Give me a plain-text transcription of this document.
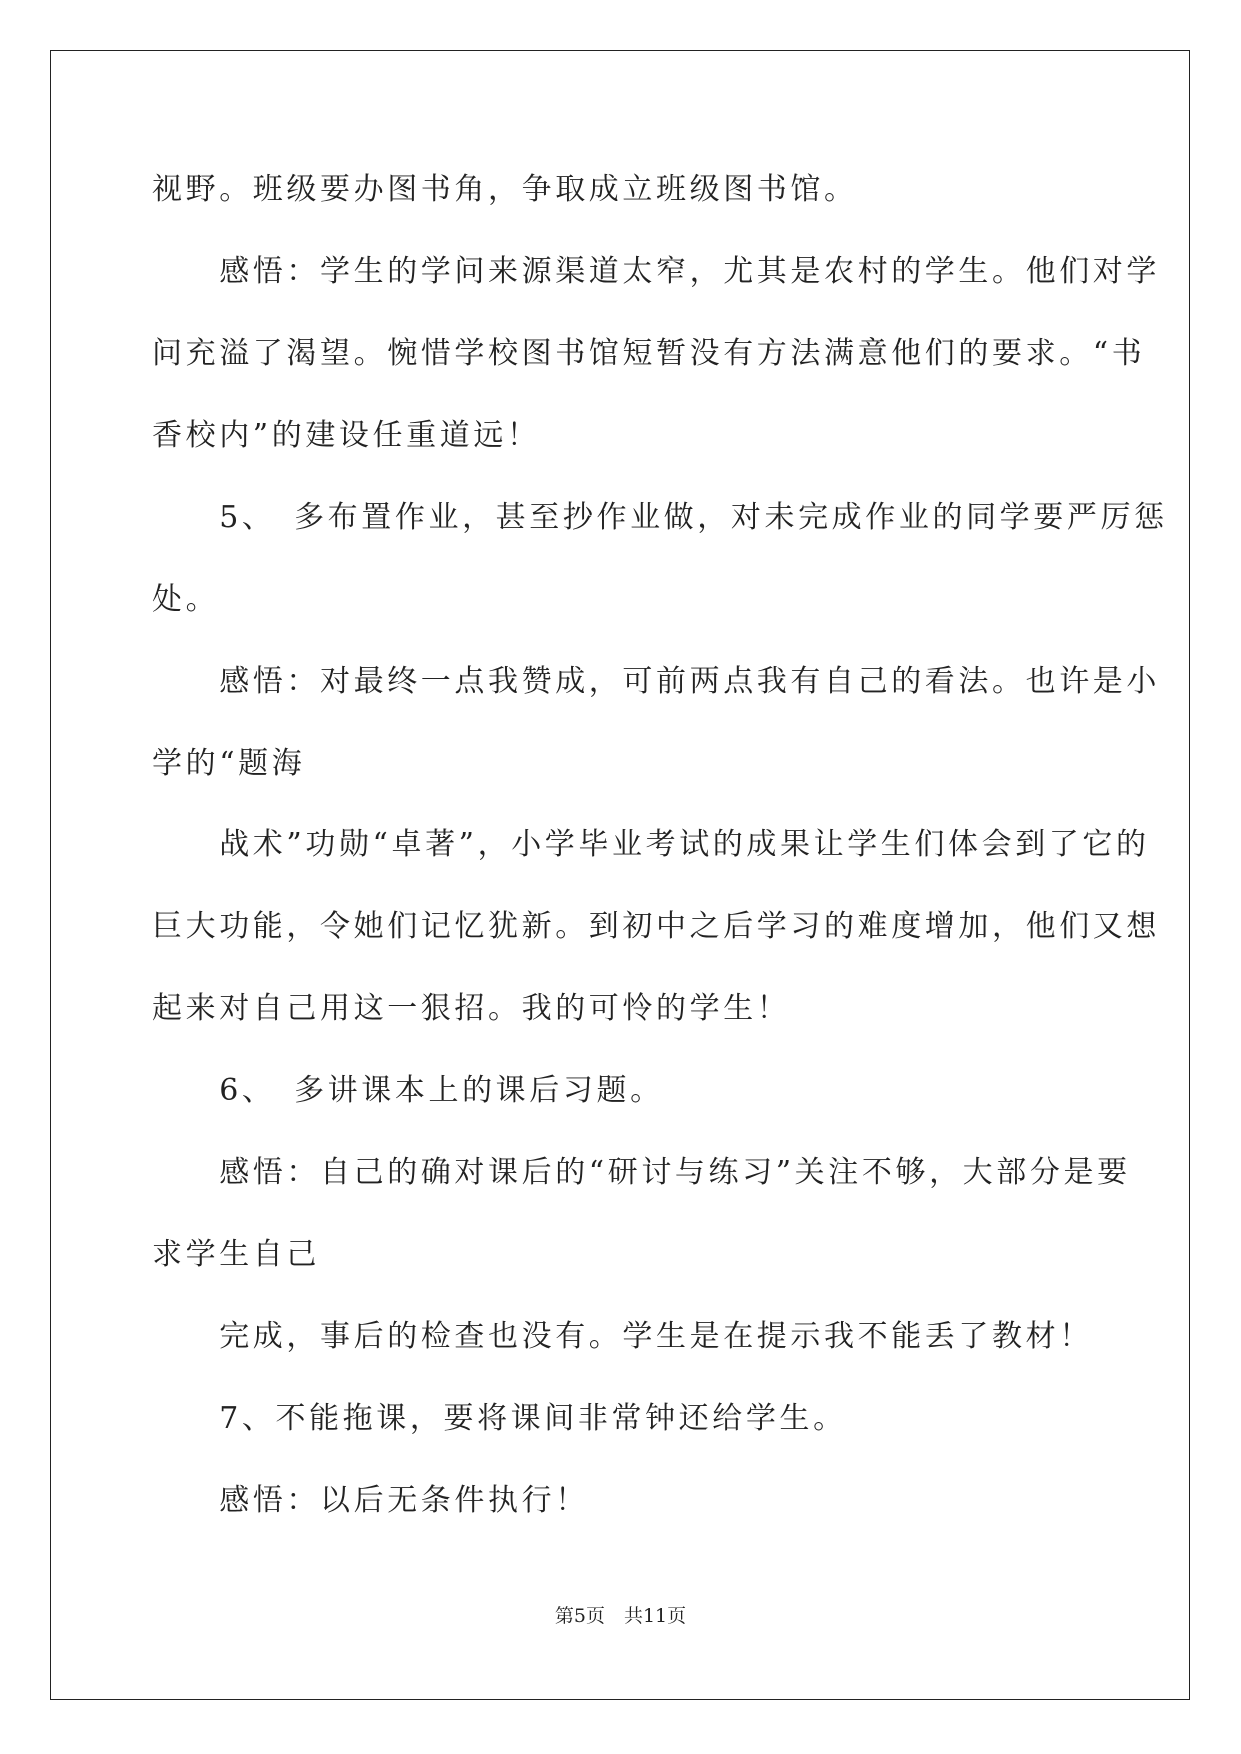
视野。班级要办图书角，争取成立班级图书馆。
　　感悟：学生的学问来源渠道太窄，尤其是农村的学生。他们对学
问充溢了渴望。惋惜学校图书馆短暂没有方法满意他们的要求。“书
香校内”的建设任重道远！
　　5、　多布置作业，甚至抄作业做，对未完成作业的同学要严厉惩
处。
　　感悟：对最终一点我赞成，可前两点我有自己的看法。也许是小
学的“题海
　　战术”功勋“卓著”，小学毕业考试的成果让学生们体会到了它的
巨大功能，令她们记忆犹新。到初中之后学习的难度增加，他们又想
起来对自己用这一狠招。我的可怜的学生！
　　6、　多讲课本上的课后习题。
　　感悟：自己的确对课后的“研讨与练习”关注不够，大部分是要
求学生自己
　　完成，事后的检查也没有。学生是在提示我不能丢了教材！
　　7、不能拖课，要将课间非常钟还给学生。
　　感悟：以后无条件执行！
第5页　共11页
